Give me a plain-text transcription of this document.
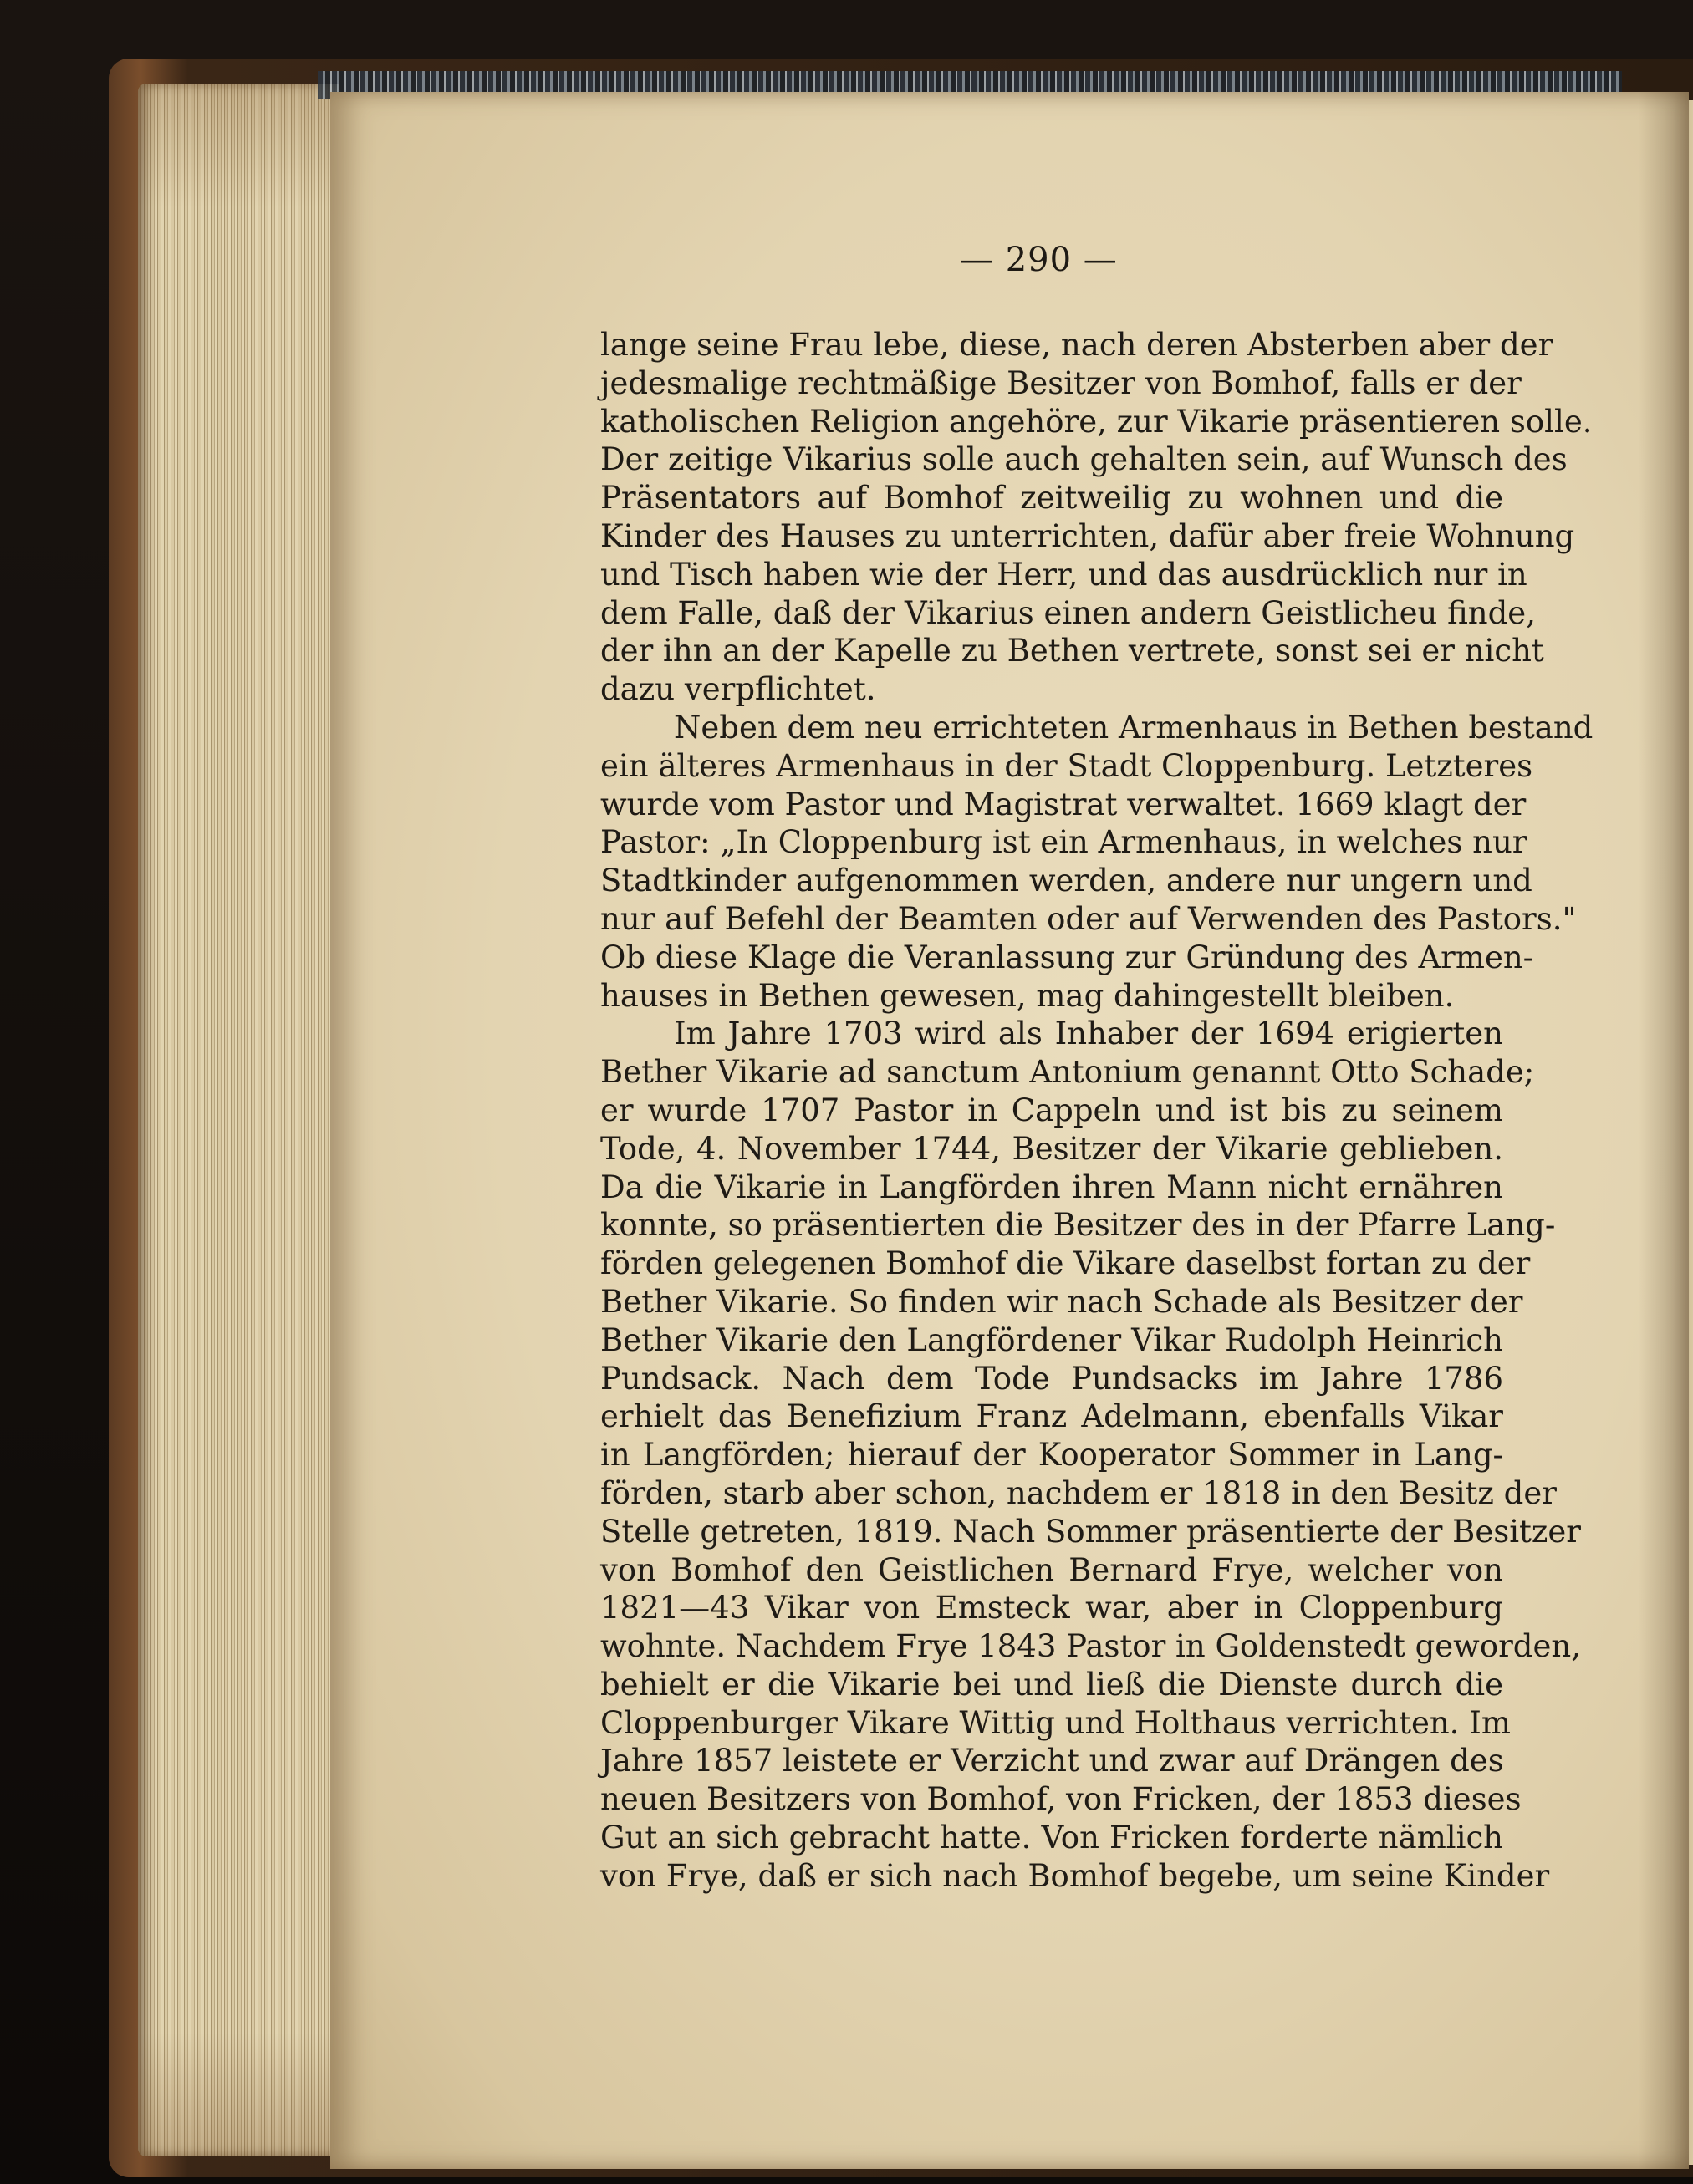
— 290 —
lange seine Frau lebe, diese, nach deren Absterben aber der
jedesmalige rechtmäßige Besitzer von Bomhof, falls er der
katholischen Religion angehöre, zur Vikarie präsentieren solle.
Der zeitige Vikarius solle auch gehalten sein, auf Wunsch des
Präsentators auf Bomhof zeitweilig zu wohnen und die
Kinder des Hauses zu unterrichten, dafür aber freie Wohnung
und Tisch haben wie der Herr, und das ausdrücklich nur in
dem Falle, daß der Vikarius einen andern Geistlicheu finde,
der ihn an der Kapelle zu Bethen vertrete, sonst sei er nicht
dazu verpflichtet.
Neben dem neu errichteten Armenhaus in Bethen bestand
ein älteres Armenhaus in der Stadt Cloppenburg. Letzteres
wurde vom Pastor und Magistrat verwaltet. 1669 klagt der
Pastor: „In Cloppenburg ist ein Armenhaus, in welches nur
Stadtkinder aufgenommen werden, andere nur ungern und
nur auf Befehl der Beamten oder auf Verwenden des Pastors."
Ob diese Klage die Veranlassung zur Gründung des Armen-
hauses in Bethen gewesen, mag dahingestellt bleiben.
Im Jahre 1703 wird als Inhaber der 1694 erigierten
Bether Vikarie ad sanctum Antonium genannt Otto Schade;
er wurde 1707 Pastor in Cappeln und ist bis zu seinem
Tode, 4. November 1744, Besitzer der Vikarie geblieben.
Da die Vikarie in Langförden ihren Mann nicht ernähren
konnte, so präsentierten die Besitzer des in der Pfarre Lang-
förden gelegenen Bomhof die Vikare daselbst fortan zu der
Bether Vikarie. So finden wir nach Schade als Besitzer der
Bether Vikarie den Langfördener Vikar Rudolph Heinrich
Pundsack. Nach dem Tode Pundsacks im Jahre 1786
erhielt das Benefizium Franz Adelmann, ebenfalls Vikar
in Langförden; hierauf der Kooperator Sommer in Lang-
förden, starb aber schon, nachdem er 1818 in den Besitz der
Stelle getreten, 1819. Nach Sommer präsentierte der Besitzer
von Bomhof den Geistlichen Bernard Frye, welcher von
1821—43 Vikar von Emsteck war, aber in Cloppenburg
wohnte. Nachdem Frye 1843 Pastor in Goldenstedt geworden,
behielt er die Vikarie bei und ließ die Dienste durch die
Cloppenburger Vikare Wittig und Holthaus verrichten. Im
Jahre 1857 leistete er Verzicht und zwar auf Drängen des
neuen Besitzers von Bomhof, von Fricken, der 1853 dieses
Gut an sich gebracht hatte. Von Fricken forderte nämlich
von Frye, daß er sich nach Bomhof begebe, um seine Kinder
